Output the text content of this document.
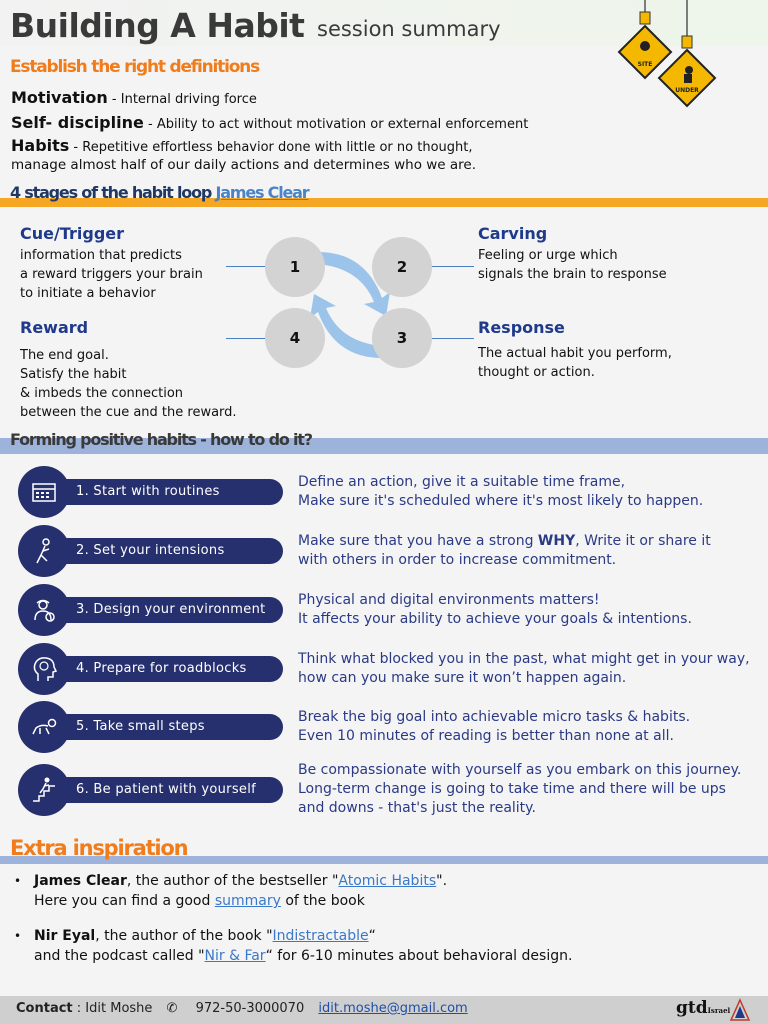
Building A Habit session summary
SITE
UNDER
Establish the right definitions
Motivation - Internal driving force
Self- discipline - Ability to act without motivation or external enforcement
Habits - Repetitive effortless behavior done with little or no thought,
manage almost half of our daily actions and determines who we are.
4 stages of the habit loop James Clear
1	2
3
4
Cue/Trigger
information that predicts
a reward triggers your brain
to initiate a behavior
Carving
Feeling or urge which
signals the brain to response
Response
The actual habit you perform,
thought or action.
Reward
The end goal.
Satisfy the habit
& imbeds the connection
between the cue and the reward.
Forming positive habits - how to do it?
1. Start with routines
Define an action, give it a suitable time frame,
Make sure it's scheduled where it's most likely to happen.
2. Set your intensions
Make sure that you have a strong WHY, Write it or share it
with others in order to increase commitment.
3. Design your environment
Physical and digital environments matters!
It affects your ability to achieve your goals & intentions.
4. Prepare for roadblocks
Think what blocked you in the past, what might get in your way,
how can you make sure it won’t happen again.
5. Take small steps
Break the big goal into achievable micro tasks & habits.
Even 10 minutes of reading is better than none at all.
6. Be patient with yourself
Be compassionate with yourself as you embark on this journey.
Long-term change is going to take time and there will be ups
and downs - that's just the reality.
Extra inspiration
• James Clear, the author of the bestseller "Atomic Habits".
Here you can find a good summary of the book
• Nir Eyal, the author of the book "Indistractable“
and the podcast called "Nir & Far“ for 6-10 minutes about behavioral design.
Contact : Idit Moshe ✆ 972-50-3000070 idit.moshe@gmail.com	gtdIsrael
